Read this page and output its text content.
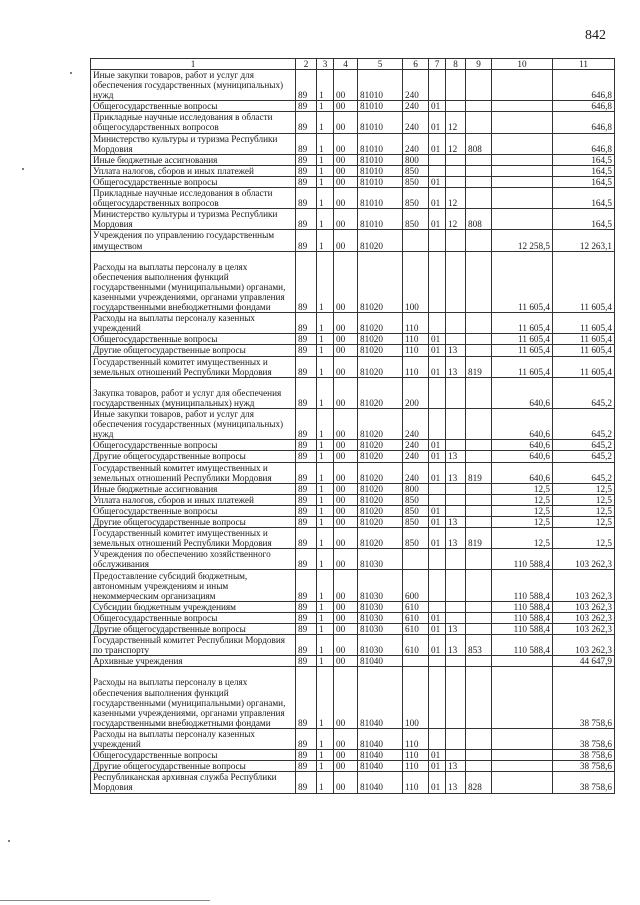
842
1	2	3	4	5	6	7	8	9	10	11
Иные закупки товаров, работ и услуг для обеспечения государственных (муниципальных) нужд	89	1	00	81010	240					646,8
Общегосударственные вопросы	89	1	00	81010	240	01				646,8
Прикладные научные исследования в области общегосударственных вопросов	89	1	00	81010	240	01	12			646,8
Министерство культуры и туризма Республики Мордовия	89	1	00	81010	240	01	12	808		646,8
Иные бюджетные ассигнования	89	1	00	81010	800					164,5
Уплата налогов, сборов и иных платежей	89	1	00	81010	850					164,5
Общегосударственные вопросы	89	1	00	81010	850	01				164,5
Прикладные научные исследования в области общегосударственных вопросов	89	1	00	81010	850	01	12			164,5
Министерство культуры и туризма Республики Мордовия	89	1	00	81010	850	01	12	808		164,5
Учреждения по управлению государственным имуществом	89	1	00	81020					12 258,5	12 263,1
Расходы на выплаты персоналу в целях обеспечения выполнения функций государственными (муниципальными) органами, казенными учреждениями, органами управления государственными внебюджетными фондами	89	1	00	81020	100				11 605,4	11 605,4
Расходы на выплаты персоналу казенных учреждений	89	1	00	81020	110				11 605,4	11 605,4
Общегосударственные вопросы	89	1	00	81020	110	01			11 605,4	11 605,4
Другие общегосударственные вопросы	89	1	00	81020	110	01	13		11 605,4	11 605,4
Государственный комитет имущественных и земельных отношений Республики Мордовия	89	1	00	81020	110	01	13	819	11 605,4	11 605,4
Закупка товаров, работ и услуг для обеспечения государственных (муниципальных) нужд	89	1	00	81020	200				640,6	645,2
Иные закупки товаров, работ и услуг для обеспечения государственных (муниципальных) нужд	89	1	00	81020	240				640,6	645,2
Общегосударственные вопросы	89	1	00	81020	240	01			640,6	645,2
Другие общегосударственные вопросы	89	1	00	81020	240	01	13		640,6	645,2
Государственный комитет имущественных и земельных отношений Республики Мордовия	89	1	00	81020	240	01	13	819	640,6	645,2
Иные бюджетные ассигнования	89	1	00	81020	800				12,5	12,5
Уплата налогов, сборов и иных платежей	89	1	00	81020	850				12,5	12,5
Общегосударственные вопросы	89	1	00	81020	850	01			12,5	12,5
Другие общегосударственные вопросы	89	1	00	81020	850	01	13		12,5	12,5
Государственный комитет имущественных и земельных отношений Республики Мордовия	89	1	00	81020	850	01	13	819	12,5	12,5
Учреждения по обеспечению хозяйственного обслуживания	89	1	00	81030					110 588,4	103 262,3
Предоставление субсидий бюджетным, автономным учреждениям и иным некоммерческим организациям	89	1	00	81030	600				110 588,4	103 262,3
Субсидии бюджетным учреждениям	89	1	00	81030	610				110 588,4	103 262,3
Общегосударственные вопросы	89	1	00	81030	610	01			110 588,4	103 262,3
Другие общегосударственные вопросы	89	1	00	81030	610	01	13		110 588,4	103 262,3
Государственный комитет Республики Мордовия по транспорту	89	1	00	81030	610	01	13	853	110 588,4	103 262,3
Архивные учреждения	89	1	00	81040						44 647,9
Расходы на выплаты персоналу в целях обеспечения выполнения функций государственными (муниципальными) органами, казенными учреждениями, органами управления государственными внебюджетными фондами	89	1	00	81040	100					38 758,6
Расходы на выплаты персоналу казенных учреждений	89	1	00	81040	110					38 758,6
Общегосударственные вопросы	89	1	00	81040	110	01				38 758,6
Другие общегосударственные вопросы	89	1	00	81040	110	01	13			38 758,6
Республиканская архивная служба Республики Мордовия	89	1	00	81040	110	01	13	828		38 758,6
